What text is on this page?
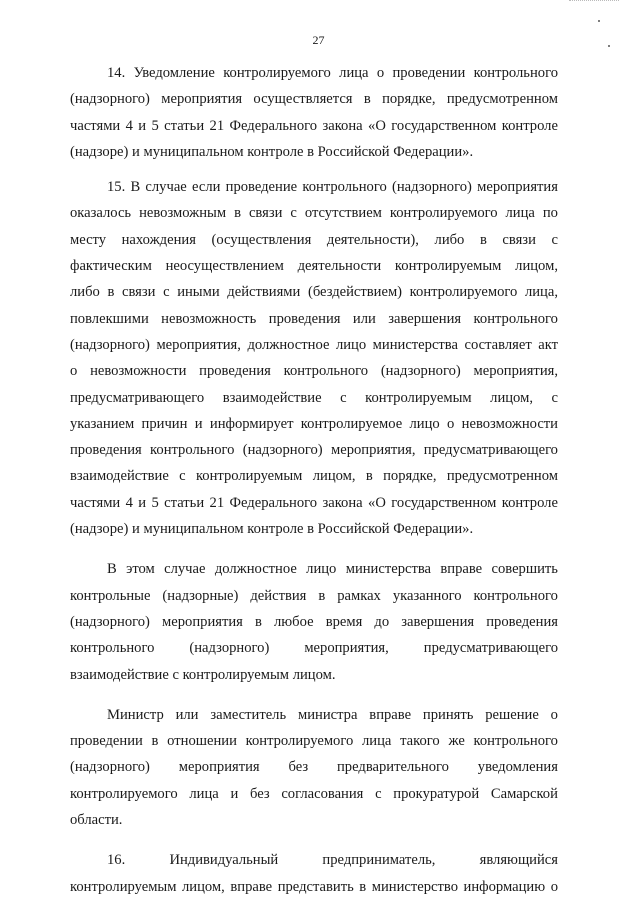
27
14. Уведомление контролируемого лица о проведении контрольного
(надзорного) мероприятия осуществляется в порядке, предусмотренном
частями 4 и 5 статьи 21 Федерального закона «О государственном контроле
(надзоре) и муниципальном контроле в Российской Федерации».
15. В случае если проведение контрольного (надзорного) мероприятия
оказалось невозможным в связи с отсутствием контролируемого лица по
месту нахождения (осуществления деятельности), либо в связи с
фактическим неосуществлением деятельности контролируемым лицом,
либо в связи с иными действиями (бездействием) контролируемого лица,
повлекшими невозможность проведения или завершения контрольного
(надзорного) мероприятия, должностное лицо министерства составляет акт
о невозможности проведения контрольного (надзорного) мероприятия,
предусматривающего взаимодействие с контролируемым лицом, с
указанием причин и информирует контролируемое лицо о невозможности
проведения контрольного (надзорного) мероприятия, предусматривающего
взаимодействие с контролируемым лицом, в порядке, предусмотренном
частями 4 и 5 статьи 21 Федерального закона «О государственном контроле
(надзоре) и муниципальном контроле в Российской Федерации».
В этом случае должностное лицо министерства вправе совершить
контрольные (надзорные) действия в рамках указанного контрольного
(надзорного) мероприятия в любое время до завершения проведения
контрольного (надзорного) мероприятия, предусматривающего
взаимодействие с контролируемым лицом.
Министр или заместитель министра вправе принять решение о
проведении в отношении контролируемого лица такого же контрольного
(надзорного) мероприятия без предварительного уведомления
контролируемого лица и без согласования с прокуратурой Самарской
области.
16.	Индивидуальный	предприниматель,	являющийся
контролируемым лицом, вправе представить в министерство информацию о
